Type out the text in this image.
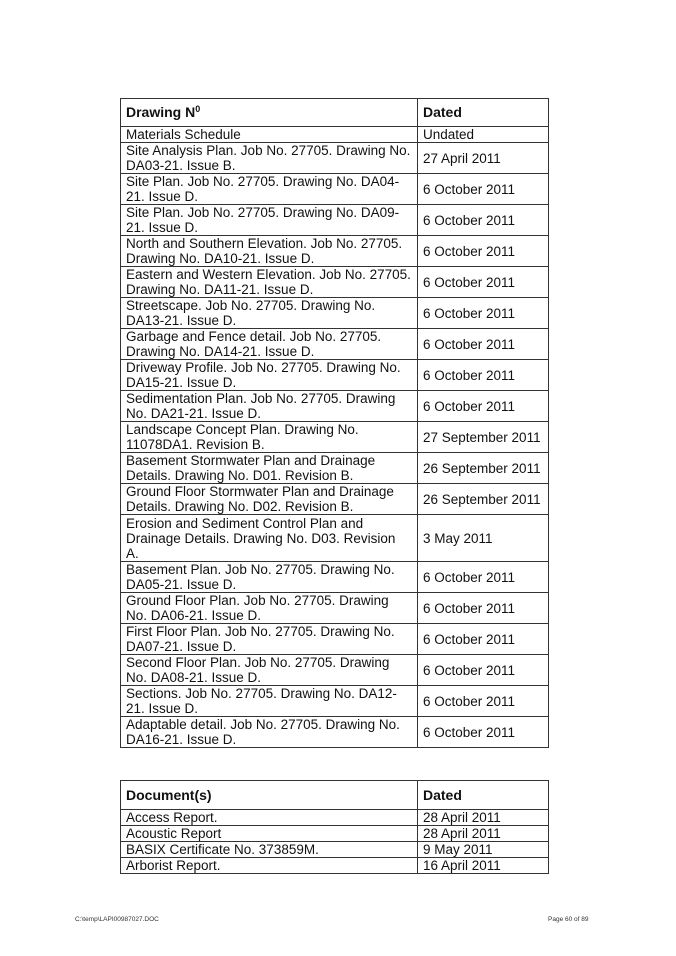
Drawing $N^0$	Dated
Materials Schedule	Undated
Site Analysis Plan. Job No. 27705. Drawing No. DA03-21. Issue B.	27 April 2011
Site Plan. Job No. 27705. Drawing No. DA04-21. Issue D.	6 October 2011
Site Plan. Job No. 27705. Drawing No. DA09-21. Issue D.	6 October 2011
North and Southern Elevation. Job No. 27705. Drawing No. DA10-21. Issue D.	6 October 2011
Eastern and Western Elevation. Job No. 27705. Drawing No. DA11-21. Issue D.	6 October 2011
Streetscape. Job No. 27705. Drawing No. DA13-21. Issue D.	6 October 2011
Garbage and Fence detail. Job No. 27705. Drawing No. DA14-21. Issue D.	6 October 2011
Driveway Profile. Job No. 27705. Drawing No. DA15-21. Issue D.	6 October 2011
Sedimentation Plan. Job No. 27705. Drawing No. DA21-21. Issue D.	6 October 2011
Landscape Concept Plan. Drawing No. 11078DA1. Revision B.	27 September 2011
Basement Stormwater Plan and Drainage Details. Drawing No. D01. Revision B.	26 September 2011
Ground Floor Stormwater Plan and Drainage Details. Drawing No. D02. Revision B.	26 September 2011
Erosion and Sediment Control Plan and Drainage Details. Drawing No. D03. Revision A.	3 May 2011
Basement Plan. Job No. 27705. Drawing No. DA05-21. Issue D.	6 October 2011
Ground Floor Plan. Job No. 27705. Drawing No. DA06-21. Issue D.	6 October 2011
First Floor Plan. Job No. 27705. Drawing No. DA07-21. Issue D.	6 October 2011
Second Floor Plan. Job No. 27705. Drawing No. DA08-21. Issue D.	6 October 2011
Sections. Job No. 27705. Drawing No. DA12-21. Issue D.	6 October 2011
Adaptable detail. Job No. 27705. Drawing No. DA16-21. Issue D.	6 October 2011
Document(s)	Dated
Access Report.	28 April 2011
Acoustic Report	28 April 2011
BASIX Certificate No. 373859M.	9 May 2011
Arborist Report.	16 April 2011
C:\temp\LAPI00987027.DOC	Page 60 of 89
